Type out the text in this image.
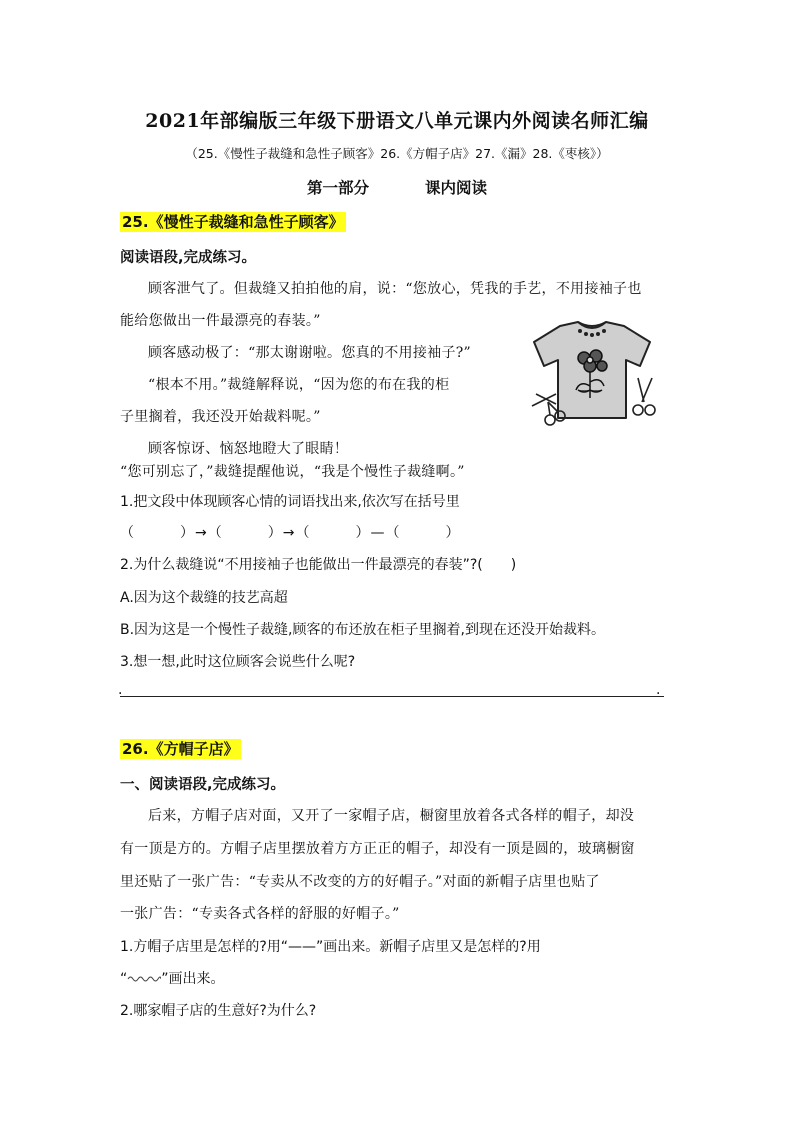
2021年部编版三年级下册语文八单元课内外阅读名师汇编
（25.《慢性子裁缝和急性子顾客》26.《方帽子店》27.《漏》28.《枣核》）
第一部分	课内阅读
25.《慢性子裁缝和急性子顾客》
阅读语段,完成练习。
顾客泄气了。但裁缝又拍拍他的肩，说：“您放心，凭我的手艺，不用接袖子也
能给您做出一件最漂亮的春装。”
顾客感动极了：“那太谢谢啦。您真的不用接袖子?”
“根本不用。”裁缝解释说，“因为您的布在我的柜
子里搁着，我还没开始裁料呢。”
顾客惊讶、恼怒地瞪大了眼睛！
“您可别忘了，”裁缝提醒他说，“我是个慢性子裁缝啊。”
1.把文段中体现顾客心情的词语找出来,依次写在括号里
（　　　）→（　　　）→（　　　）—（　　　）
2.为什么裁缝说“不用接袖子也能做出一件最漂亮的春装”?(　　)
A.因为这个裁缝的技艺高超
B.因为这是一个慢性子裁缝,顾客的布还放在柜子里搁着,到现在还没开始裁料。
3.想一想,此时这位顾客会说些什么呢?
.	.
26.《方帽子店》
一、阅读语段,完成练习。
后来，方帽子店对面，又开了一家帽子店，橱窗里放着各式各样的帽子，却没
有一顶是方的。方帽子店里摆放着方方正正的帽子，却没有一顶是圆的，玻璃橱窗
里还贴了一张广告：“专卖从不改变的方的好帽子。”对面的新帽子店里也贴了
一张广告：“专卖各式各样的舒服的好帽子。”
1.方帽子店里是怎样的?用“——”画出来。新帽子店里又是怎样的?用
“ ”画出来。
2.哪家帽子店的生意好?为什么?
